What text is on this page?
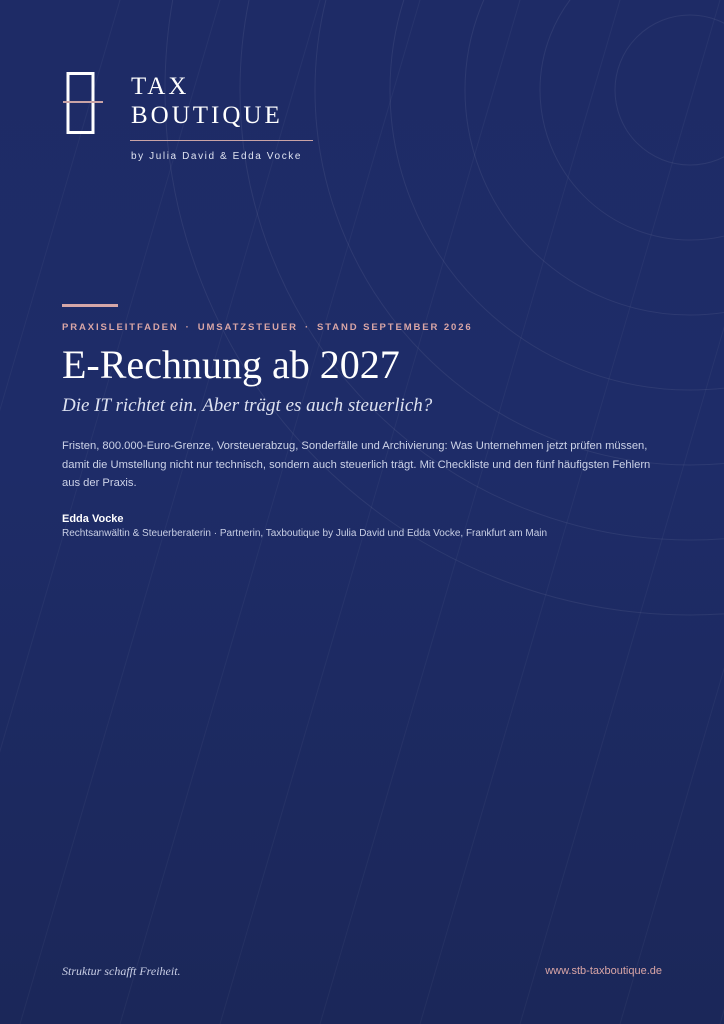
TAX
BOUTIQUE
by Julia David & Edda Vocke
PRAXISLEITFADEN · UMSATZSTEUER · STAND SEPTEMBER 2026
E-Rechnung ab 2027

Die IT richtet ein. Aber trägt es auch steuerlich?

Fristen, 800.000-Euro-Grenze, Vorsteuerabzug, Sonderfälle und Archivierung: Was Unternehmen jetzt prüfen müssen, damit die Umstellung nicht nur technisch, sondern auch steuerlich trägt. Mit Checkliste und den fünf häufigsten Fehlern aus der Praxis.

Edda Vocke
Rechtsanwältin & Steuerberaterin · Partnerin, Taxboutique by Julia David und Edda Vocke, Frankfurt am Main
Struktur schafft Freiheit.	www.stb-taxboutique.de
